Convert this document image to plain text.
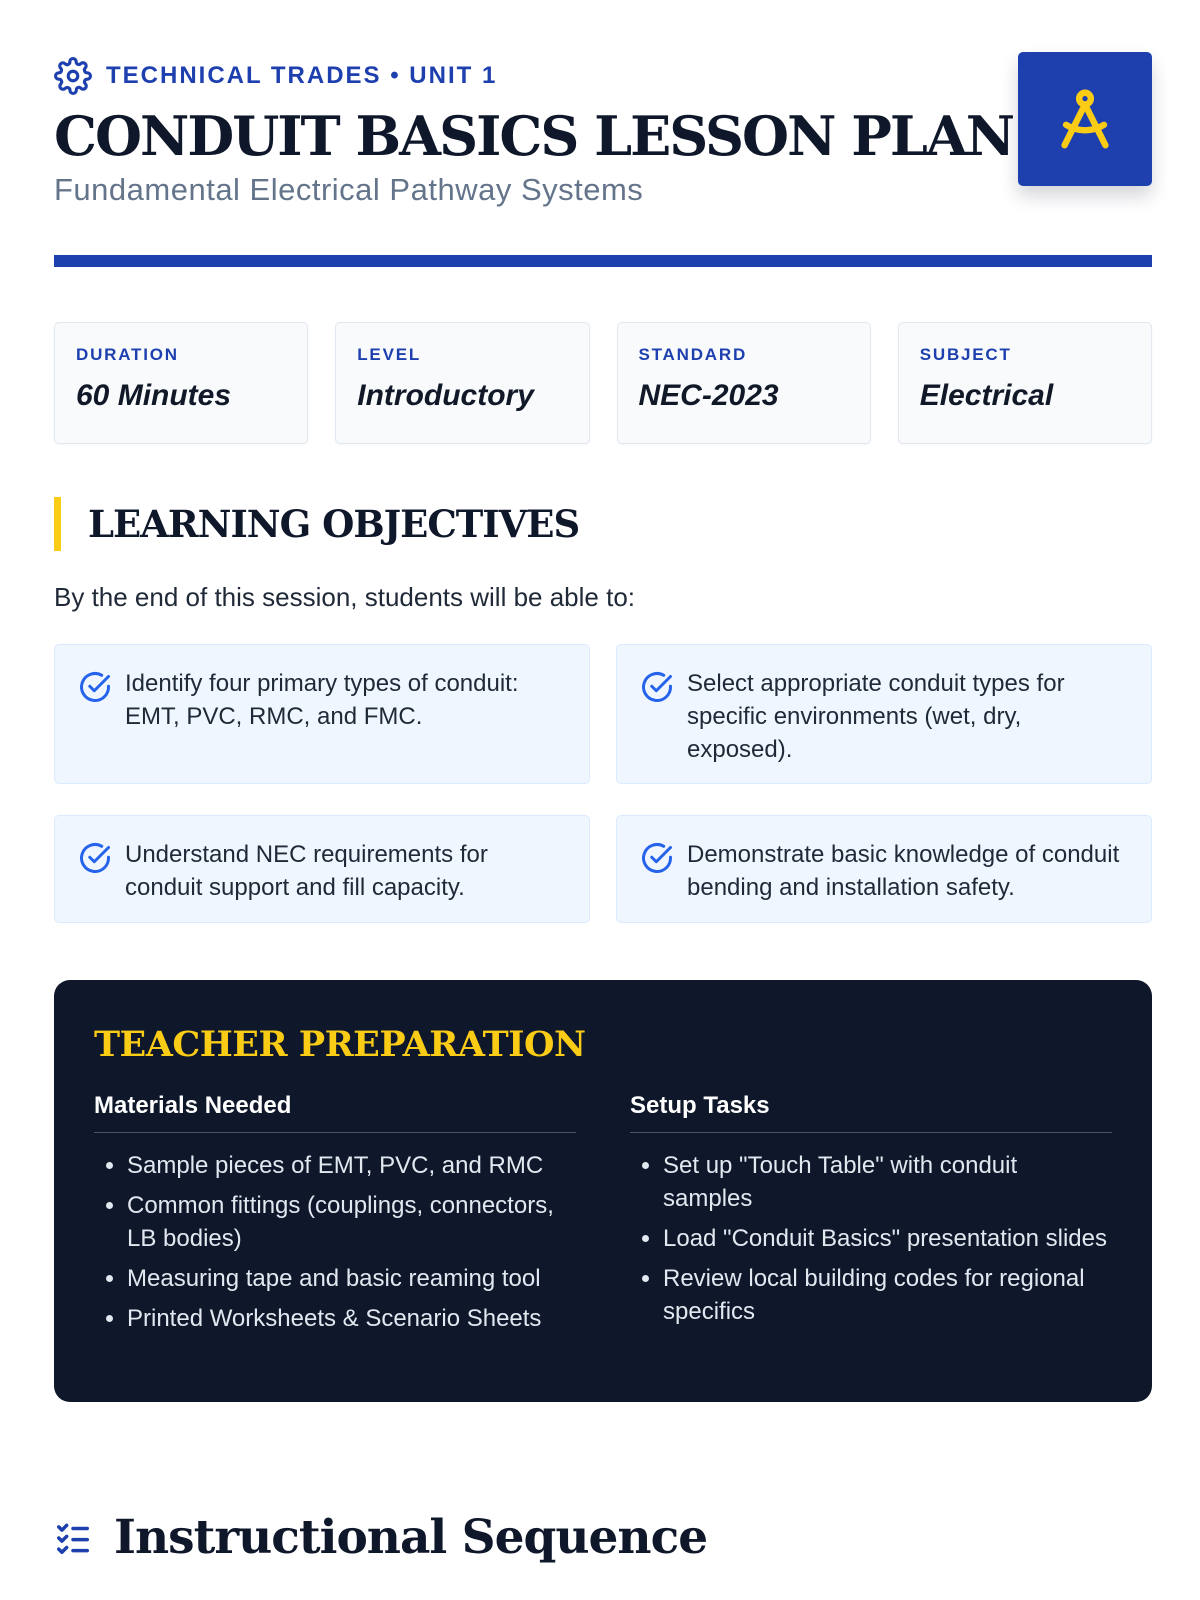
TECHNICAL TRADES • UNIT 1
CONDUIT BASICS LESSON PLAN
Fundamental Electrical Pathway Systems
DURATION
60 Minutes
LEVEL
Introductory
STANDARD
NEC-2023
SUBJECT
Electrical
LEARNING OBJECTIVES
By the end of this session, students will be able to:
Identify four primary types of conduit: EMT, PVC, RMC, and FMC.
Select appropriate conduit types for specific environments (wet, dry, exposed).
Understand NEC requirements for conduit support and fill capacity.
Demonstrate basic knowledge of conduit bending and installation safety.
TEACHER PREPARATION
Materials Needed
• Sample pieces of EMT, PVC, and RMC
• Common fittings (couplings, connectors, LB bodies)
• Measuring tape and basic reaming tool
• Printed Worksheets & Scenario Sheets
Setup Tasks
• Set up "Touch Table" with conduit samples
• Load "Conduit Basics" presentation slides
• Review local building codes for regional specifics
Instructional Sequence
